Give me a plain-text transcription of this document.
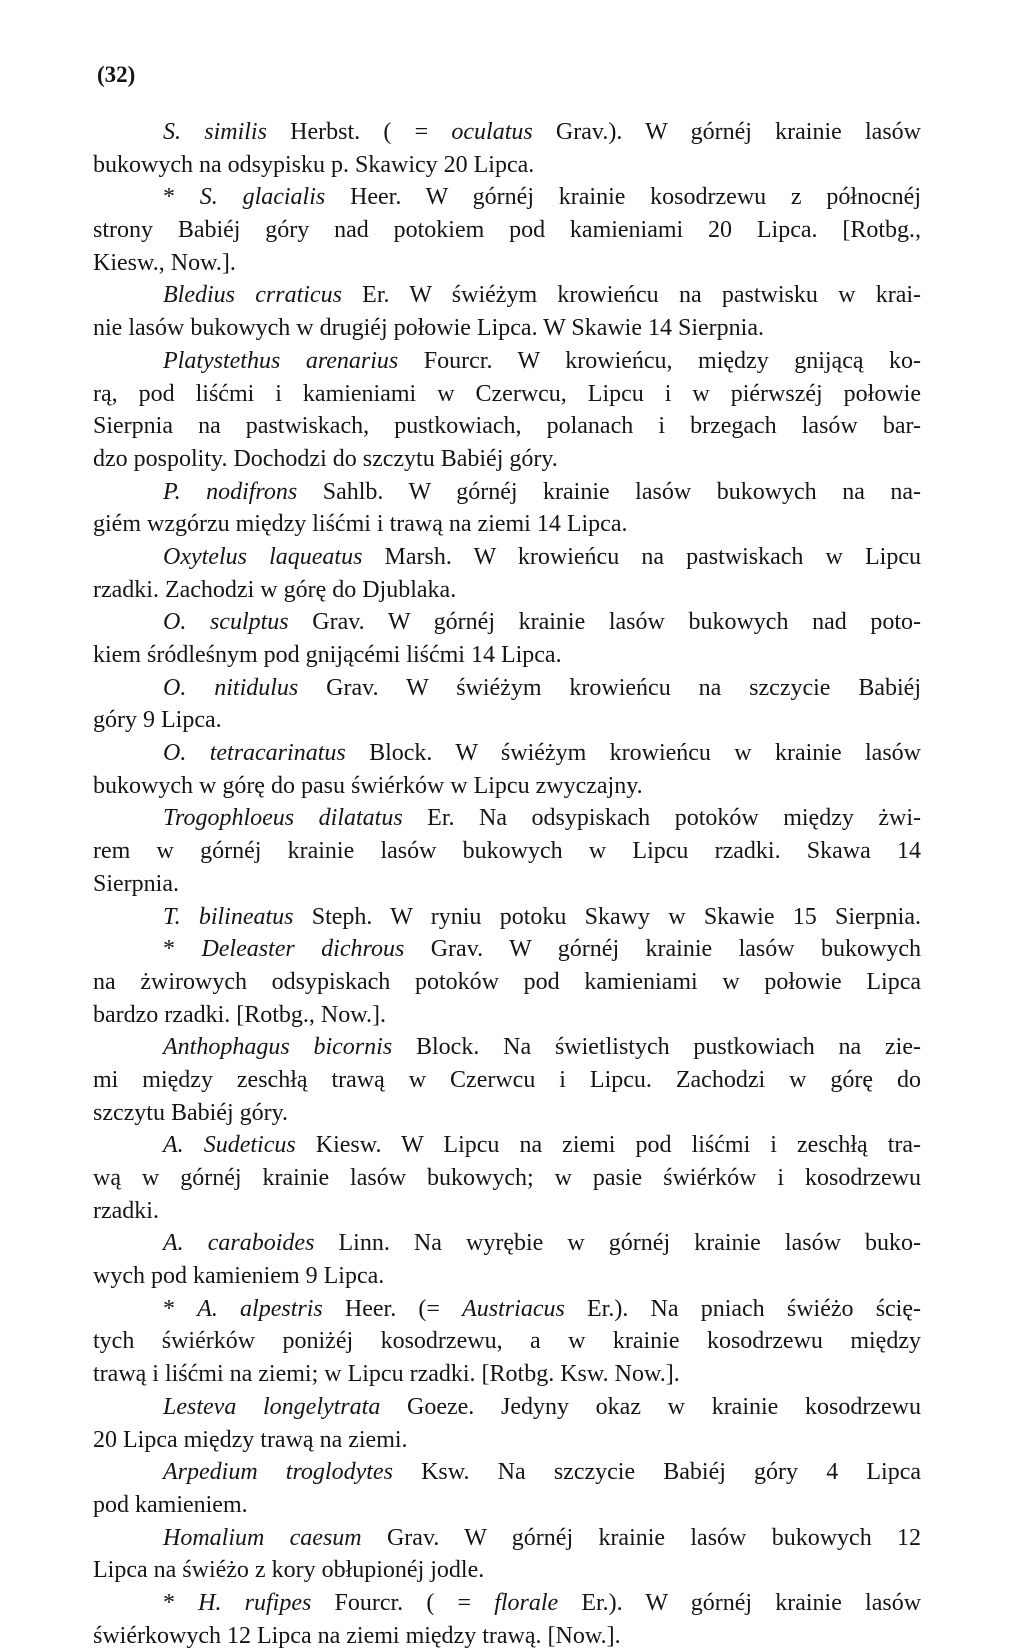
(32)
S. similis Herbst. ( = oculatus Grav.). W górnéj krainie lasów
bukowych na odsypisku p. Skawicy 20 Lipca.
* S. glacialis Heer. W górnéj krainie kosodrzewu z północnéj
strony Babiéj góry nad potokiem pod kamieniami 20 Lipca. [Rotbg.,
Kiesw., Now.].
Bledius crraticus Er. W świéżym krowieńcu na pastwisku w krai-
nie lasów bukowych w drugiéj połowie Lipca. W Skawie 14 Sierpnia.
Platystethus arenarius Fourcr. W krowieńcu, między gnijącą ko-
rą, pod liśćmi i kamieniami w Czerwcu, Lipcu i w piérwszéj połowie
Sierpnia na pastwiskach, pustkowiach, polanach i brzegach lasów bar-
dzo pospolity. Dochodzi do szczytu Babiéj góry.
P. nodifrons Sahlb. W górnéj krainie lasów bukowych na na-
giém wzgórzu między liśćmi i trawą na ziemi 14 Lipca.
Oxytelus laqueatus Marsh. W krowieńcu na pastwiskach w Lipcu
rzadki. Zachodzi w górę do Djublaka.
O. sculptus Grav. W górnéj krainie lasów bukowych nad poto-
kiem śródleśnym pod gnijącémi liśćmi 14 Lipca.
O. nitidulus Grav. W świéżym krowieńcu na szczycie Babiéj
góry 9 Lipca.
O. tetracarinatus Block. W świéżym krowieńcu w krainie lasów
bukowych w górę do pasu świérków w Lipcu zwyczajny.
Trogophloeus dilatatus Er. Na odsypiskach potoków między żwi-
rem w górnéj krainie lasów bukowych w Lipcu rzadki. Skawa 14
Sierpnia.
T. bilineatus Steph. W ryniu potoku Skawy w Skawie 15 Sierpnia.
* Deleaster dichrous Grav. W górnéj krainie lasów bukowych
na żwirowych odsypiskach potoków pod kamieniami w połowie Lipca
bardzo rzadki. [Rotbg., Now.].
Anthophagus bicornis Block. Na świetlistych pustkowiach na zie-
mi między zeschłą trawą w Czerwcu i Lipcu. Zachodzi w górę do
szczytu Babiéj góry.
A. Sudeticus Kiesw. W Lipcu na ziemi pod liśćmi i zeschłą tra-
wą w górnéj krainie lasów bukowych; w pasie świérków i kosodrzewu
rzadki.
A. caraboides Linn. Na wyrębie w górnéj krainie lasów buko-
wych pod kamieniem 9 Lipca.
* A. alpestris Heer. (= Austriacus Er.). Na pniach świéżo ścię-
tych świérków poniżéj kosodrzewu, a w krainie kosodrzewu między
trawą i liśćmi na ziemi; w Lipcu rzadki. [Rotbg. Ksw. Now.].
Lesteva longelytrata Goeze. Jedyny okaz w krainie kosodrzewu
20 Lipca między trawą na ziemi.
Arpedium troglodytes Ksw. Na szczycie Babiéj góry 4 Lipca
pod kamieniem.
Homalium caesum Grav. W górnéj krainie lasów bukowych 12
Lipca na świéżo z kory obłupionéj jodle.
* H. rufipes Fourcr. ( = florale Er.). W górnéj krainie lasów
świérkowych 12 Lipca na ziemi między trawą. [Now.].
